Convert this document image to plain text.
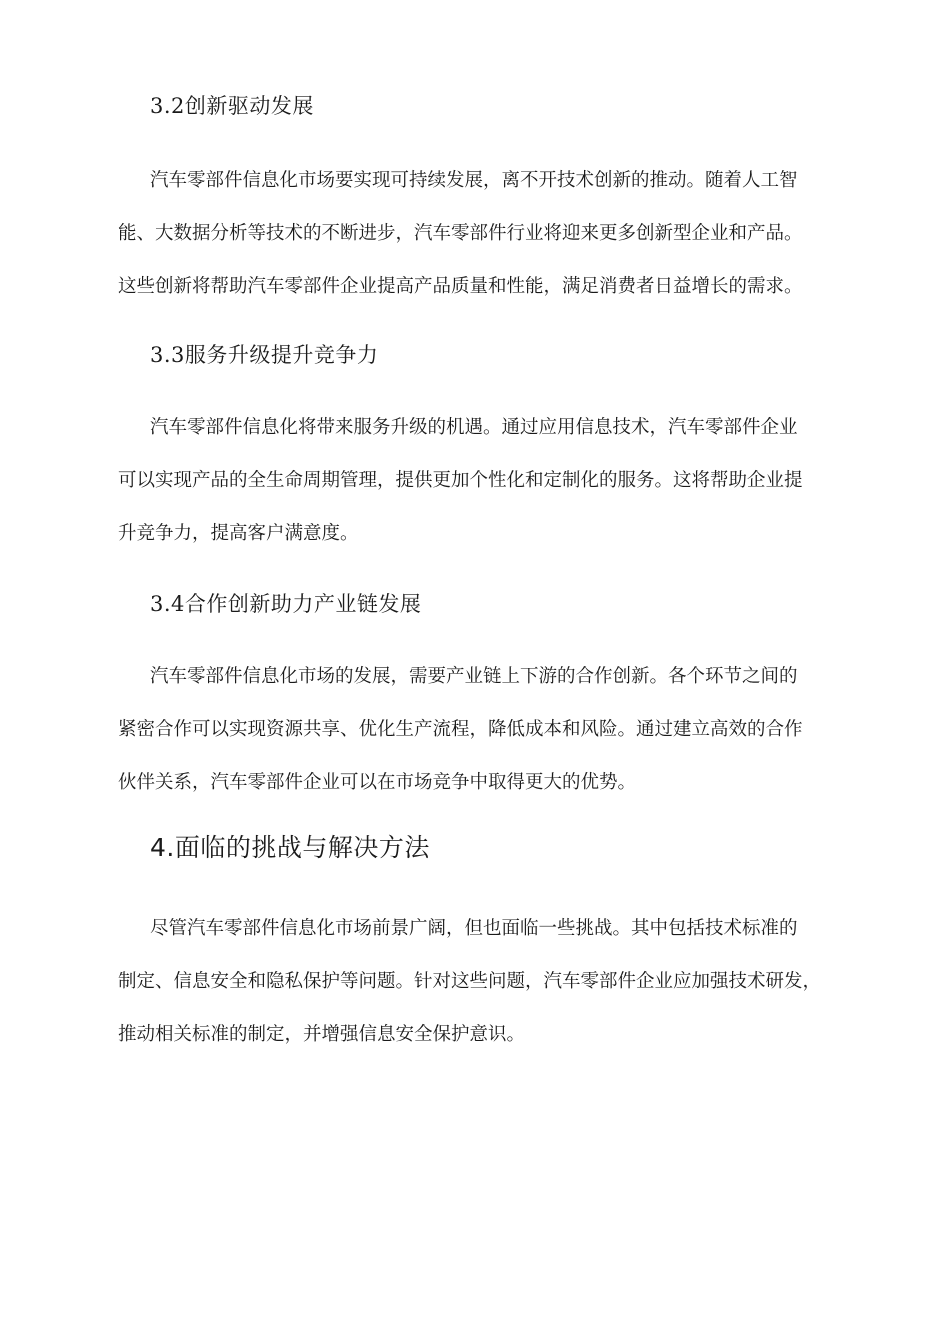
3.2创新驱动发展
汽车零部件信息化市场要实现可持续发展，离不开技术创新的推动。随着人工智
能、大数据分析等技术的不断进步，汽车零部件行业将迎来更多创新型企业和产品。
这些创新将帮助汽车零部件企业提高产品质量和性能，满足消费者日益增长的需求。
3.3服务升级提升竞争力
汽车零部件信息化将带来服务升级的机遇。通过应用信息技术，汽车零部件企业
可以实现产品的全生命周期管理，提供更加个性化和定制化的服务。这将帮助企业提
升竞争力，提高客户满意度。
3.4合作创新助力产业链发展
汽车零部件信息化市场的发展，需要产业链上下游的合作创新。各个环节之间的
紧密合作可以实现资源共享、优化生产流程，降低成本和风险。通过建立高效的合作
伙伴关系，汽车零部件企业可以在市场竞争中取得更大的优势。
4.面临的挑战与解决方法
尽管汽车零部件信息化市场前景广阔，但也面临一些挑战。其中包括技术标准的
制定、信息安全和隐私保护等问题。针对这些问题，汽车零部件企业应加强技术研发，
推动相关标准的制定，并增强信息安全保护意识。
